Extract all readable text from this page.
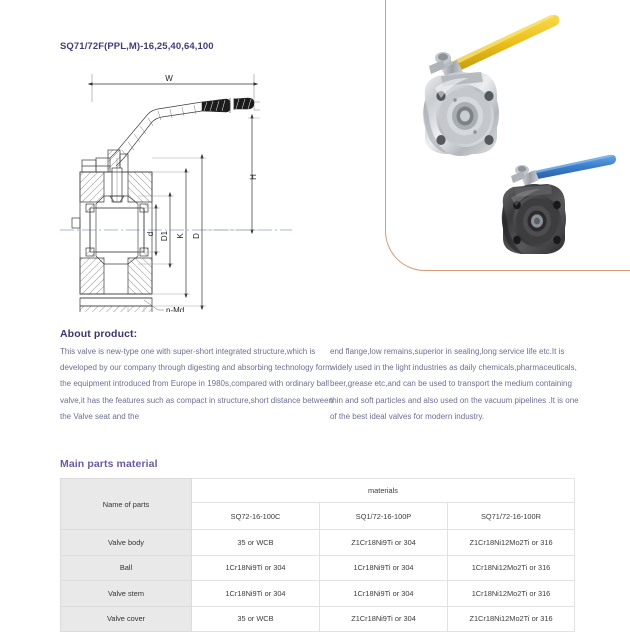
SQ71/72F(PPL,M)-16,25,40,64,100
W
H
d D1 K D
n-Md
About product:

This valve is new-type one with super-short integrated structure,which is developed by our company through digesting and absorbing technology form the equipment introduced from Europe in 1980s,compared with ordinary ball valve,it has the features such as compact in structure,short distance between the Valve seat and the

end flange,low remains,superior in sealing,long service life etc.It is widely used in the light industries as daily chemicals,pharmaceuticals, beer,grease etc,and can be used to transport the medium containing thin and soft particles and also used on the vacuum pipelines .It is one of the best ideal valves for modern industry.

Main parts material
Name of parts	materials		
	SQ72-16-100C	SQ1/72-16-100P	SQ71/72-16-100R
Valve body	35 or WCB	Z1Cr18Ni9Ti or 304	Z1Cr18Ni12Mo2Ti or 316
Ball	1Cr18Ni9Ti or 304	1Cr18Ni9Ti or 304	1Cr18Ni12Mo2Ti or 316
Valve stem	1Cr18Ni9Ti or 304	1Cr18Ni9Ti or 304	1Cr18Ni12Mo2Ti or 316
Valve cover	35 or WCB	Z1Cr18Ni9Ti or 304	Z1Cr18Ni12Mo2Ti or 316
